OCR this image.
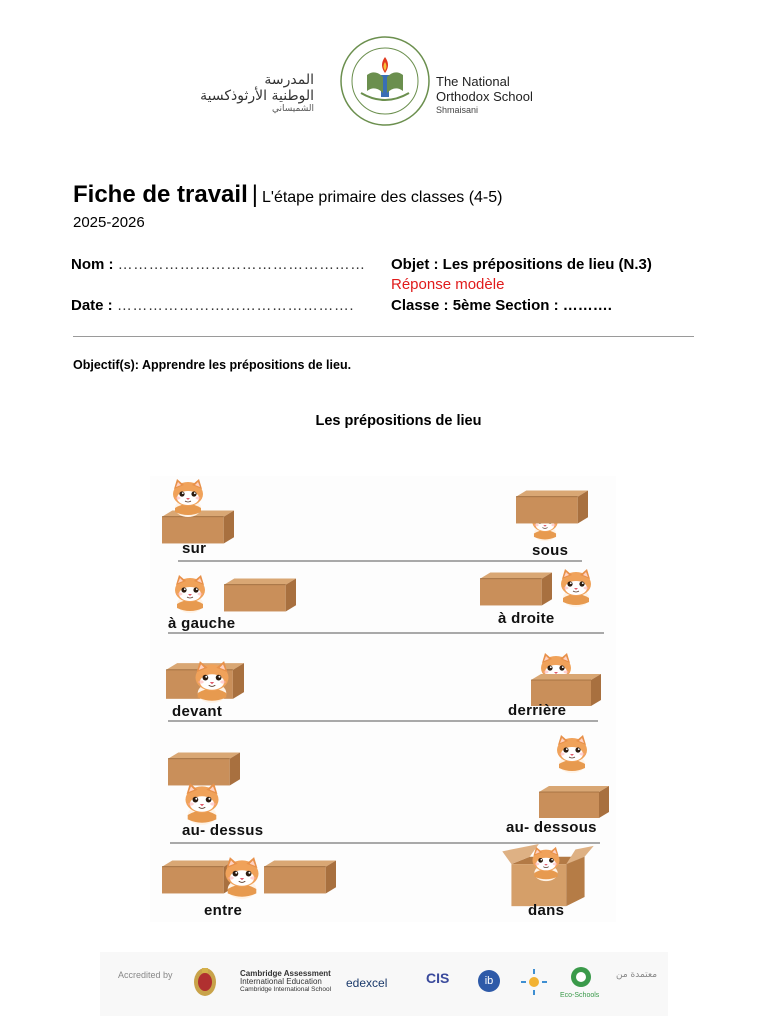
المدرسة
الوطنية الأرثوذكسية
الشميساني
The National
Orthodox School
Shmaisani
Fiche de travail | L'étape primaire des classes (4-5)
2025-2026
Nom : …………………………………………
Date : ……………………………………….
Objet : Les prépositions de lieu (N.3)
Réponse modèle
Classe : 5ème Section : ……….
Objectif(s): Apprendre les prépositions de lieu.
Les prépositions de lieu
sur	sous
à gauche	à droite
devant	derrière
au- dessus	au- dessous
entre	dans
Accredited by	Cambridge Assessment
International Education
Cambridge International School edexcel	CIS	ib
Eco-Schools
معتمدة من
